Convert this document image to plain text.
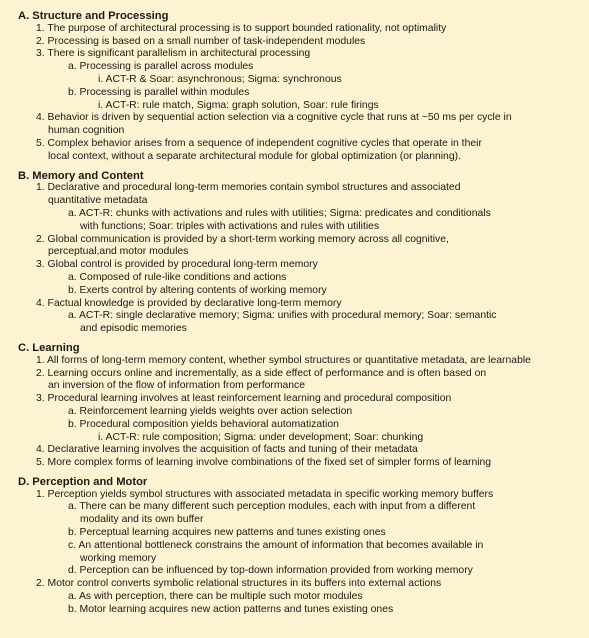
A. Structure and Processing
1. The purpose of architectural processing is to support bounded rationality, not optimality
2. Processing is based on a small number of task-independent modules
3. There is significant parallelism in architectural processing
a. Processing is parallel across modules
i. ACT-R & Soar: asynchronous; Sigma: synchronous
b. Processing is parallel within modules
i. ACT-R: rule match, Sigma: graph solution, Soar: rule firings
4. Behavior is driven by sequential action selection via a cognitive cycle that runs at ~50 ms per cycle in
human cognition
5. Complex behavior arises from a sequence of independent cognitive cycles that operate in their
local context, without a separate architectural module for global optimization (or planning).
B. Memory and Content
1. Declarative and procedural long-term memories contain symbol structures and associated
quantitative metadata
a. ACT-R: chunks with activations and rules with utilities; Sigma: predicates and conditionals
with functions; Soar: triples with activations and rules with utilities
2. Global communication is provided by a short-term working memory across all cognitive,
perceptual,and motor modules
3. Global control is provided by procedural long-term memory
a. Composed of rule-like conditions and actions
b. Exerts control by altering contents of working memory
4. Factual knowledge is provided by declarative long-term memory
a. ACT-R: single declarative memory; Sigma: unifies with procedural memory; Soar: semantic
and episodic memories
C. Learning
1. All forms of long-term memory content, whether symbol structures or quantitative metadata, are learnable
2. Learning occurs online and incrementally, as a side effect of performance and is often based on
an inversion of the flow of information from performance
3. Procedural learning involves at least reinforcement learning and procedural composition
a. Reinforcement learning yields weights over action selection
b. Procedural composition yields behavioral automatization
i. ACT-R: rule composition; Sigma: under development; Soar: chunking
4. Declarative learning involves the acquisition of facts and tuning of their metadata
5. More complex forms of learning involve combinations of the fixed set of simpler forms of learning
D. Perception and Motor
1. Perception yields symbol structures with associated metadata in specific working memory buffers
a. There can be many different such perception modules, each with input from a different
modality and its own buffer
b. Perceptual learning acquires new patterns and tunes existing ones
c. An attentional bottleneck constrains the amount of information that becomes available in
working memory
d. Perception can be influenced by top-down information provided from working memory
2. Motor control converts symbolic relational structures in its buffers into external actions
a. As with perception, there can be multiple such motor modules
b. Motor learning acquires new action patterns and tunes existing ones
